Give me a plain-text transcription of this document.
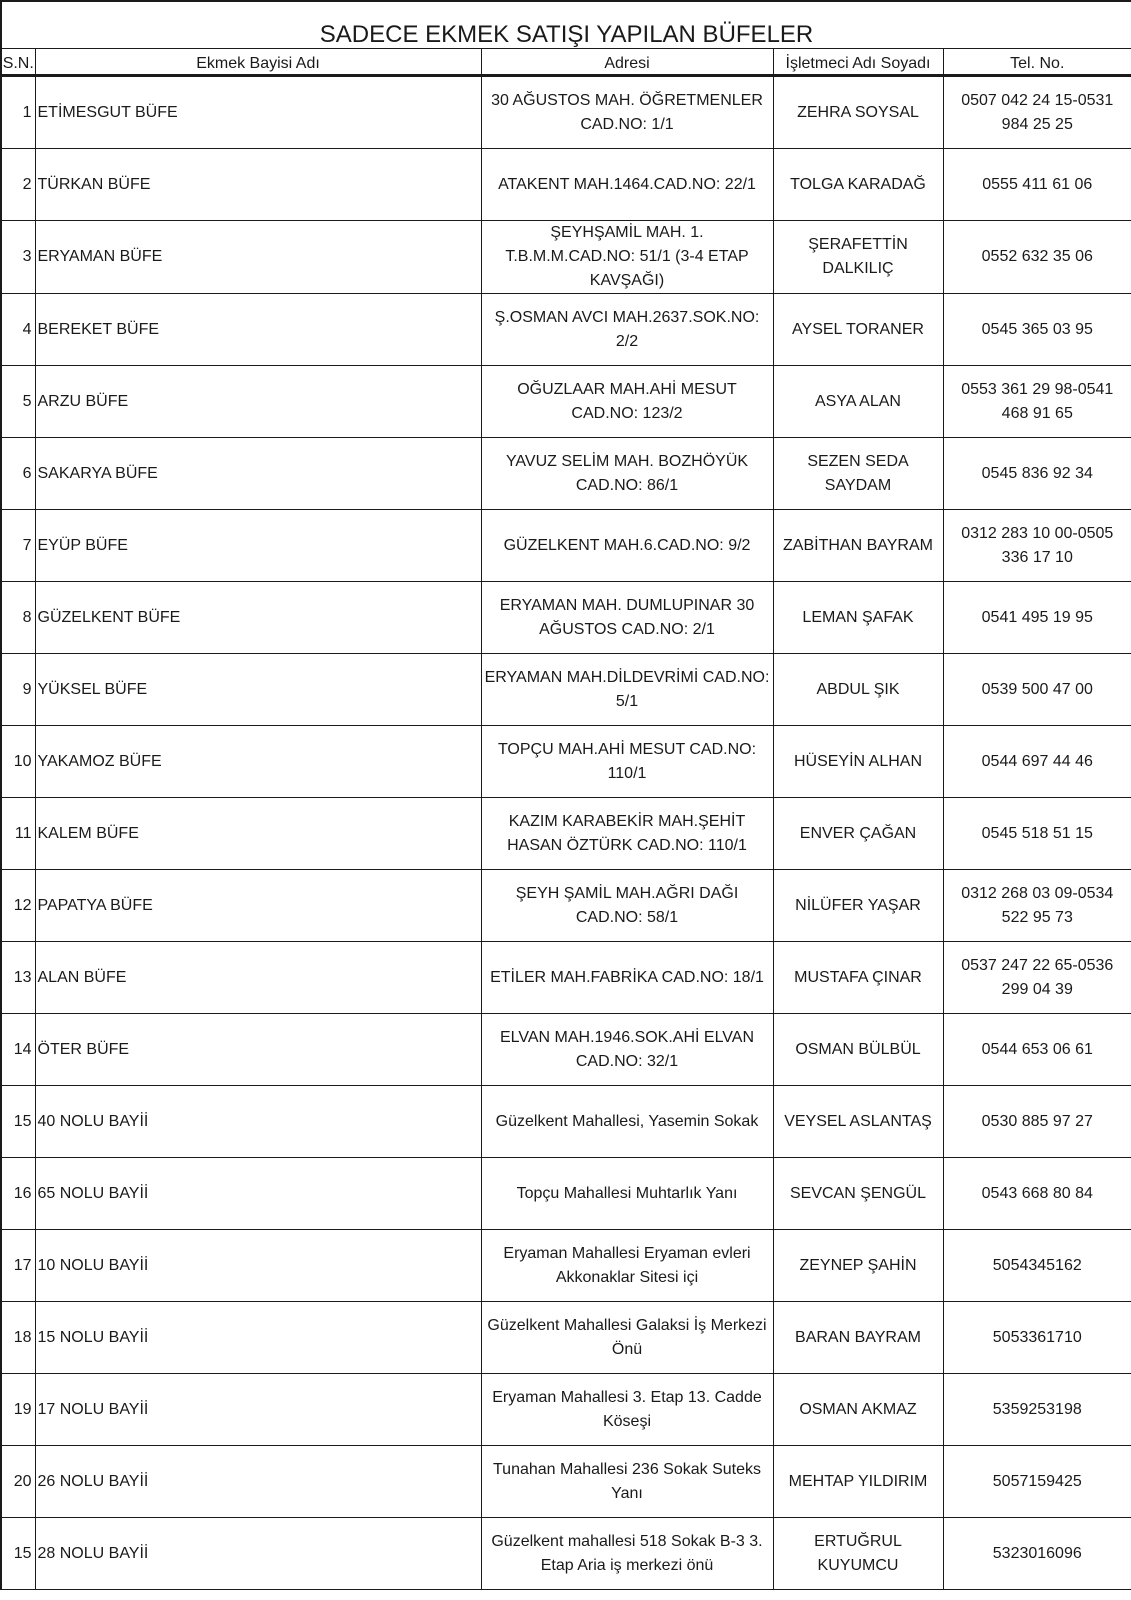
SADECE EKMEK SATIŞI YAPILAN BÜFELER				
S.N.	Ekmek Bayisi Adı	Adresi	İşletmeci Adı Soyadı	Tel. No.
1	ETİMESGUT BÜFE	30 AĞUSTOS MAH. ÖĞRETMENLER CAD.NO: 1/1	ZEHRA SOYSAL	0507 042 24 15-0531 984 25 25
2	TÜRKAN BÜFE	ATAKENT MAH.1464.CAD.NO: 22/1	TOLGA KARADAĞ	0555 411 61 06
3	ERYAMAN BÜFE	ŞEYHŞAMİL MAH. 1. T.B.M.M.CAD.NO: 51/1 (3-4 ETAP KAVŞAĞI)	ŞERAFETTİN DALKILIÇ	0552 632 35 06
4	BEREKET BÜFE	Ş.OSMAN AVCI MAH.2637.SOK.NO: 2/2	AYSEL TORANER	0545 365 03 95
5	ARZU BÜFE	OĞUZLAAR MAH.AHİ MESUT CAD.NO: 123/2	ASYA ALAN	0553 361 29 98-0541 468 91 65
6	SAKARYA BÜFE	YAVUZ SELİM MAH. BOZHÖYÜK CAD.NO: 86/1	SEZEN SEDA SAYDAM	0545 836 92 34
7	EYÜP BÜFE	GÜZELKENT MAH.6.CAD.NO: 9/2	ZABİTHAN BAYRAM	0312 283 10 00-0505 336 17 10
8	GÜZELKENT BÜFE	ERYAMAN MAH. DUMLUPINAR 30 AĞUSTOS CAD.NO: 2/1	LEMAN ŞAFAK	0541 495 19 95
9	YÜKSEL BÜFE	ERYAMAN MAH.DİLDEVRİMİ CAD.NO: 5/1	ABDUL ŞIK	0539 500 47 00
10	YAKAMOZ BÜFE	TOPÇU MAH.AHİ MESUT CAD.NO: 110/1	HÜSEYİN ALHAN	0544 697 44 46
11	KALEM BÜFE	KAZIM KARABEKİR MAH.ŞEHİT HASAN ÖZTÜRK CAD.NO: 110/1	ENVER ÇAĞAN	0545 518 51 15
12	PAPATYA BÜFE	ŞEYH ŞAMİL MAH.AĞRI DAĞI CAD.NO: 58/1	NİLÜFER YAŞAR	0312 268 03 09-0534 522 95 73
13	ALAN BÜFE	ETİLER MAH.FABRİKA CAD.NO: 18/1	MUSTAFA ÇINAR	0537 247 22 65-0536 299 04 39
14	ÖTER BÜFE	ELVAN MAH.1946.SOK.AHİ ELVAN CAD.NO: 32/1	OSMAN BÜLBÜL	0544 653 06 61
15	40 NOLU BAYİİ	Güzelkent Mahallesi, Yasemin Sokak	VEYSEL ASLANTAŞ	0530 885 97 27
16	65 NOLU BAYİİ	Topçu Mahallesi Muhtarlık Yanı	SEVCAN ŞENGÜL	0543 668 80 84
17	10 NOLU BAYİİ	Eryaman Mahallesi Eryaman evleri Akkonaklar Sitesi içi	ZEYNEP ŞAHİN	5054345162
18	15 NOLU BAYİİ	Güzelkent Mahallesi Galaksi İş Merkezi Önü	BARAN BAYRAM	5053361710
19	17 NOLU BAYİİ	Eryaman Mahallesi 3. Etap 13. Cadde Köseşi	OSMAN AKMAZ	5359253198
20	26 NOLU BAYİİ	Tunahan Mahallesi 236 Sokak Suteks Yanı	MEHTAP YILDIRIM	5057159425
15	28 NOLU BAYİİ	Güzelkent mahallesi 518 Sokak B-3 3. Etap Aria iş merkezi önü	ERTUĞRUL KUYUMCU	5323016096
